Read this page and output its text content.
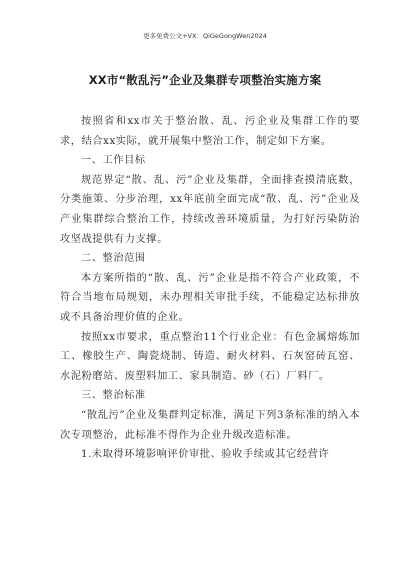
更多免费公文+VX：QiGeGongWen2024
XX市“散乱污”企业及集群专项整治实施方案

按照省和xx市关于整治散、乱、污企业及集群工作的要求，结合xx实际，就开展集中整治工作，制定如下方案。

一、工作目标

规范界定“散、乱、污”企业及集群，全面排查摸清底数，分类施策、分步治理，xx年底前全面完成“散、乱、污”企业及产业集群综合整治工作，持续改善环境质量，为打好污染防治攻坚战提供有力支撑。

二、整治范围

本方案所指的“散、乱、污”企业是指不符合产业政策，不符合当地布局规划，未办理相关审批手续，不能稳定达标排放或不具备治理价值的企业。

按照xx市要求，重点整治11个行业企业：有色金属熔炼加工、橡胶生产、陶瓷烧制、铸造、耐火材料、石灰窑砖瓦窑、水泥粉磨站、废塑料加工、家具制造、砂（石）厂料厂。

三、整治标准

“散乱污”企业及集群判定标准，满足下列3条标准的纳入本次专项整治，此标准不得作为企业升级改造标准。

1.未取得环境影响评价审批、验收手续或其它经营许
